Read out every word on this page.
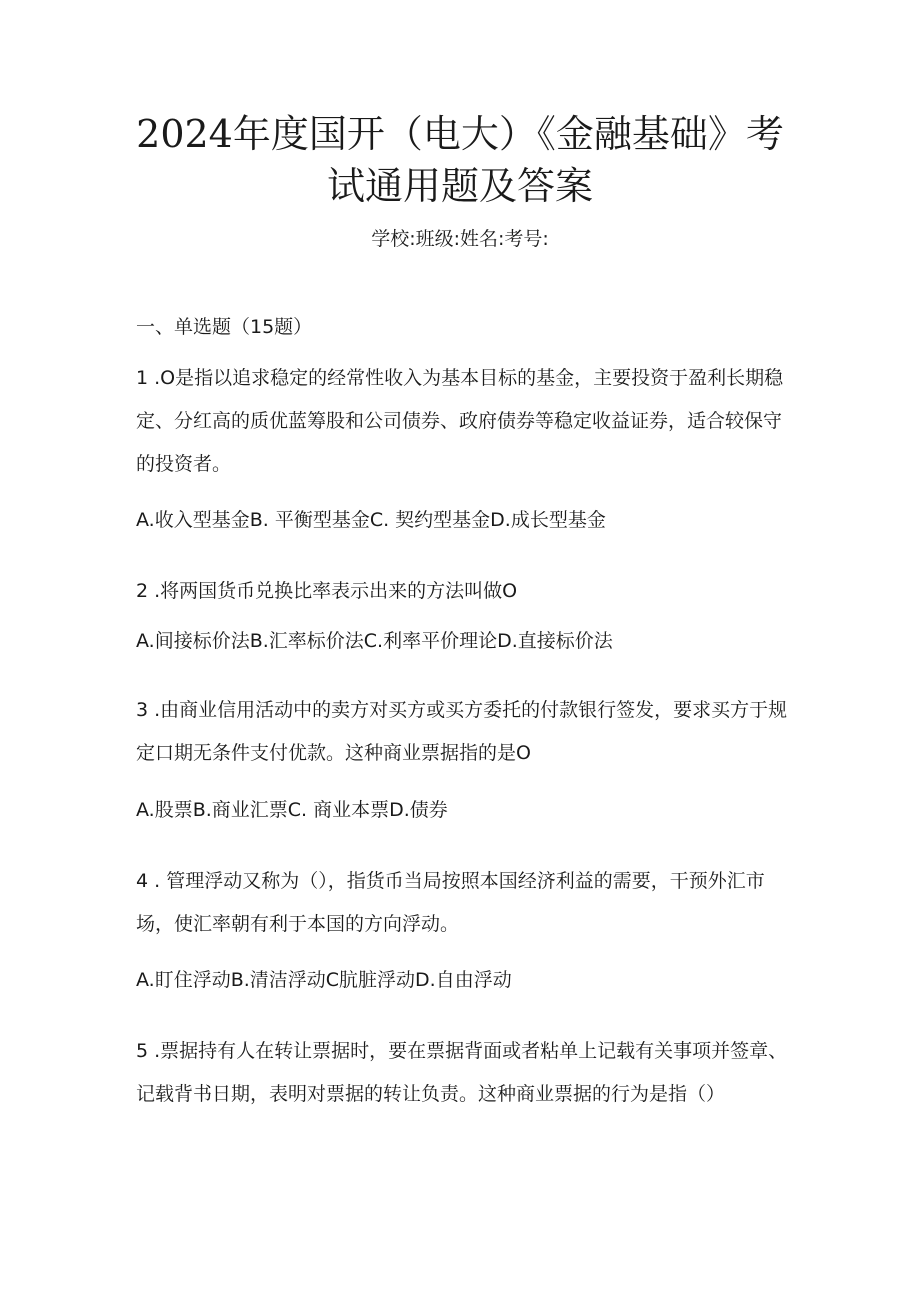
2024年度国开（电大）《金融基础》考试通用题及答案

学校:班级:姓名:考号:

一、单选题（15题）

1 .O是指以追求稳定的经常性收入为基本目标的基金，主要投资于盈利长期稳定、分红高的质优蓝筹股和公司债券、政府债券等稳定收益证券，适合较保守的投资者。

A.收入型基金B. 平衡型基金C. 契约型基金D.成长型基金

2 .将两国货币兑换比率表示出来的方法叫做O

A.间接标价法B.汇率标价法C.利率平价理论D.直接标价法

3 .由商业信用活动中的卖方对买方或买方委托的付款银行签发，要求买方于规定口期无条件支付优款。这种商业票据指的是O

A.股票B.商业汇票C. 商业本票D.债券

4 . 管理浮动又称为（），指货币当局按照本国经济利益的需要，干预外汇市场，使汇率朝有利于本国的方向浮动。

A.盯住浮动B.清洁浮动C肮脏浮动D.自由浮动

5 .票据持有人在转让票据时，要在票据背面或者粘单上记载有关事项并签章、记载背书日期，表明对票据的转让负责。这种商业票据的行为是指（）
